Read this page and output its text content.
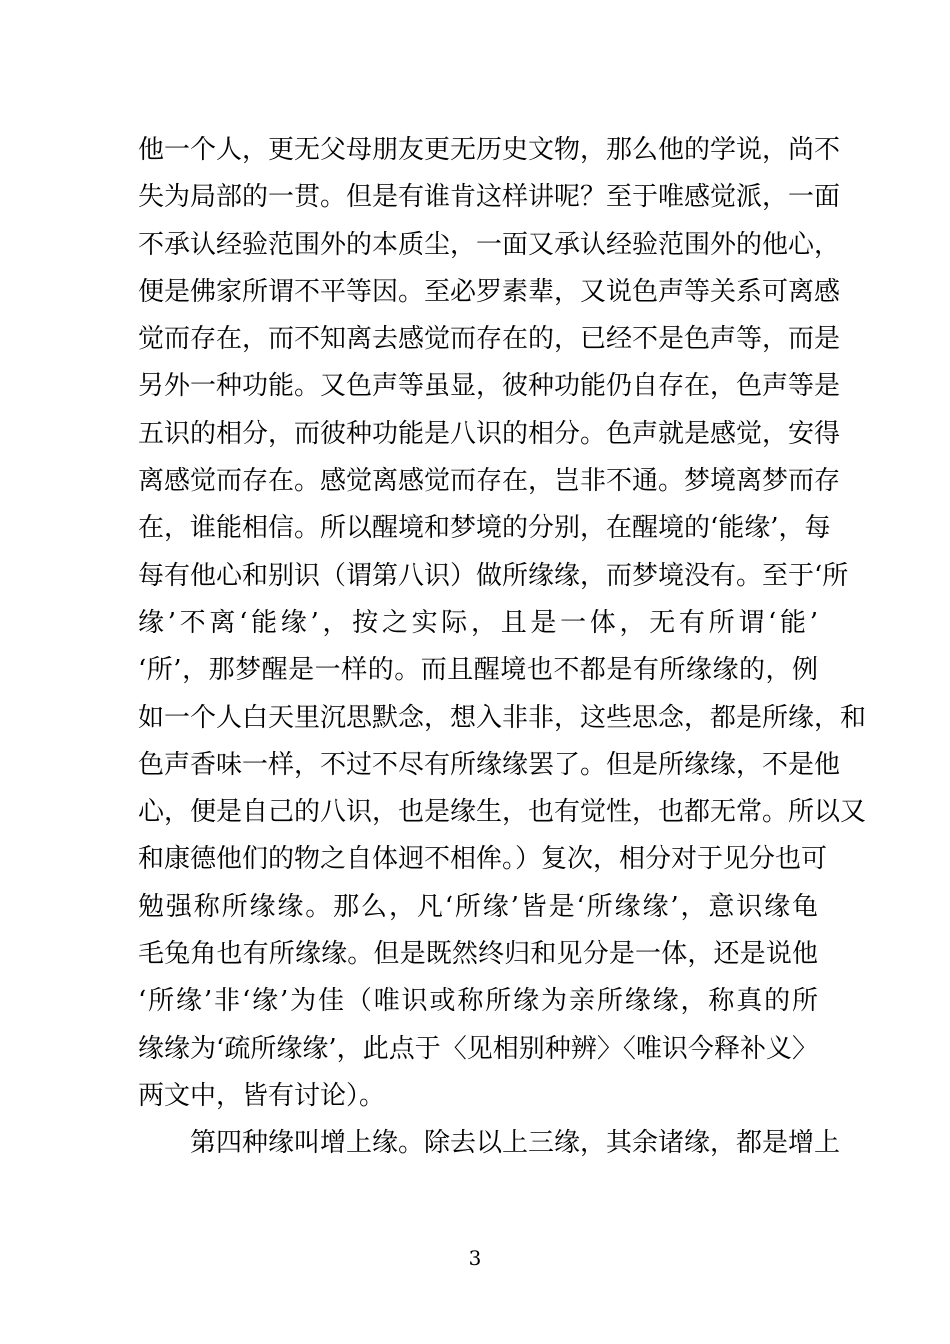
他一个人，更无父母朋友更无历史文物，那么他的学说，尚不
失为局部的一贯。但是有谁肯这样讲呢？至于唯感觉派，一面
不承认经验范围外的本质尘，一面又承认经验范围外的他心，
便是佛家所谓不平等因。至必罗素辈，又说色声等关系可离感
觉而存在，而不知离去感觉而存在的，已经不是色声等，而是
另外一种功能。又色声等虽显，彼种功能仍自存在，色声等是
五识的相分，而彼种功能是八识的相分。色声就是感觉，安得
离感觉而存在。感觉离感觉而存在，岂非不通。梦境离梦而存
在，谁能相信。所以醒境和梦境的分别，在醒境的‘能缘’，每
每有他心和别识（谓第八识）做所缘缘，而梦境没有。至于‘所
缘’不离‘能缘’，按之实际，且是一体，无有所谓‘能’
‘所’，那梦醒是一样的。而且醒境也不都是有所缘缘的，例
如一个人白天里沉思默念，想入非非，这些思念，都是所缘，和
色声香味一样，不过不尽有所缘缘罢了。但是所缘缘，不是他
心，便是自己的八识，也是缘生，也有觉性，也都无常。所以又
和康德他们的物之自体迥不相侔。）复次，相分对于见分也可
勉强称所缘缘。那么，凡‘所缘’皆是‘所缘缘’，意识缘龟
毛兔角也有所缘缘。但是既然终归和见分是一体，还是说他
‘所缘’非‘缘’为佳（唯识或称所缘为亲所缘缘，称真的所
缘缘为‘疏所缘缘’，此点于〈见相别种辨〉〈唯识今释补义〉
两文中，皆有讨论）。
第四种缘叫增上缘。除去以上三缘，其余诸缘，都是增上
3
